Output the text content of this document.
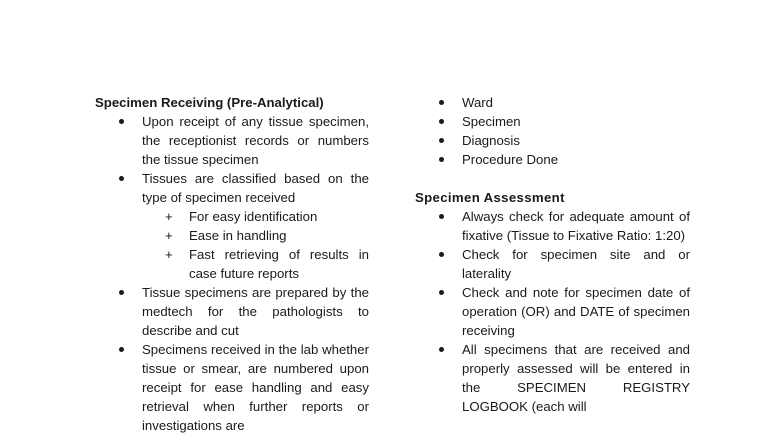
Specimen Receiving (Pre-Analytical)
Upon receipt of any tissue specimen, the receptionist records or numbers the tissue specimen
Tissues are classified based on the type of specimen received
+ For easy identification
+ Ease in handling
+ Fast retrieving of results in case future reports
Tissue specimens are prepared by the medtech for the pathologists to describe and cut
Specimens received in the lab whether tissue or smear, are numbered upon receipt for ease handling and easy retrieval when further reports or investigations are
Ward
Specimen
Diagnosis
Procedure Done
Specimen Assessment
Always check for adequate amount of fixative (Tissue to Fixative Ratio: 1:20)
Check for specimen site and or laterality
Check and note for specimen date of operation (OR) and DATE of specimen receiving
All specimens that are received and properly assessed will be entered in the SPECIMEN REGISTRY LOGBOOK (each will
